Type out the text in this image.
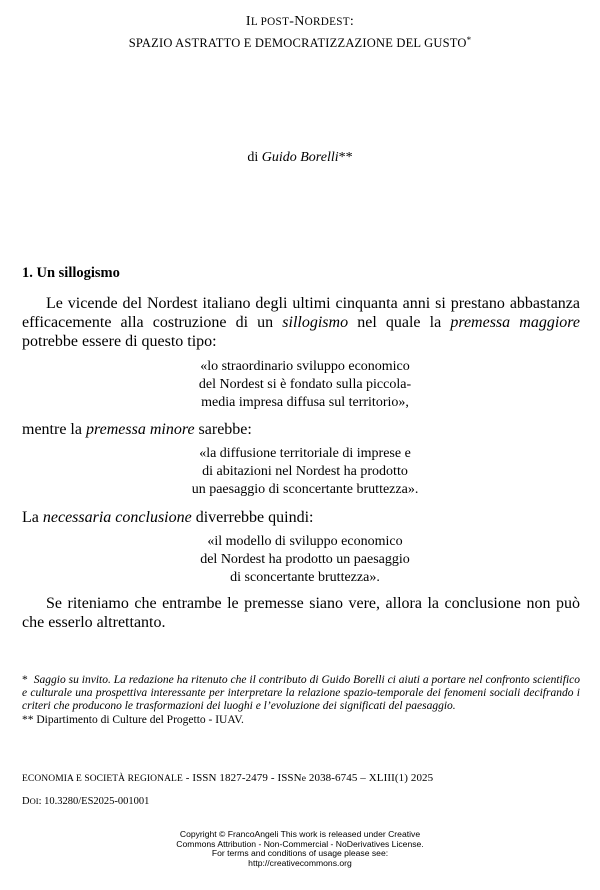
IL POST-NORDEST:
SPAZIO ASTRATTO E DEMOCRATIZZAZIONE DEL GUSTO*
di Guido Borelli**
1. Un sillogismo
Le vicende del Nordest italiano degli ultimi cinquanta anni si prestano abbastanza efficacemente alla costruzione di un sillogismo nel quale la premessa maggiore potrebbe essere di questo tipo:
«lo straordinario sviluppo economico
del Nordest si è fondato sulla piccola-
media impresa diffusa sul territorio»,
mentre la premessa minore sarebbe:
«la diffusione territoriale di imprese e
di abitazioni nel Nordest ha prodotto
un paesaggio di sconcertante bruttezza».
La necessaria conclusione diverrebbe quindi:
«il modello di sviluppo economico
del Nordest ha prodotto un paesaggio
di sconcertante bruttezza».
Se riteniamo che entrambe le premesse siano vere, allora la conclusione non può che esserlo altrettanto.
* Saggio su invito. La redazione ha ritenuto che il contributo di Guido Borelli ci aiuti a portare nel confronto scientifico e culturale una prospettiva interessante per interpretare la relazione spazio-temporale dei fenomeni sociali decifrando i criteri che producono le trasformazioni dei luoghi e l’evoluzione dei significati del paesaggio.
** Dipartimento di Culture del Progetto - IUAV.
ECONOMIA E SOCIETÀ REGIONALE - ISSN 1827-2479 - ISSNe 2038-6745 – XLIII(1) 2025
DOI: 10.3280/ES2025-001001
Copyright © FrancoAngeli This work is released under Creative
Commons Attribution - Non-Commercial - NoDerivatives License.
For terms and conditions of usage please see:
http://creativecommons.org
